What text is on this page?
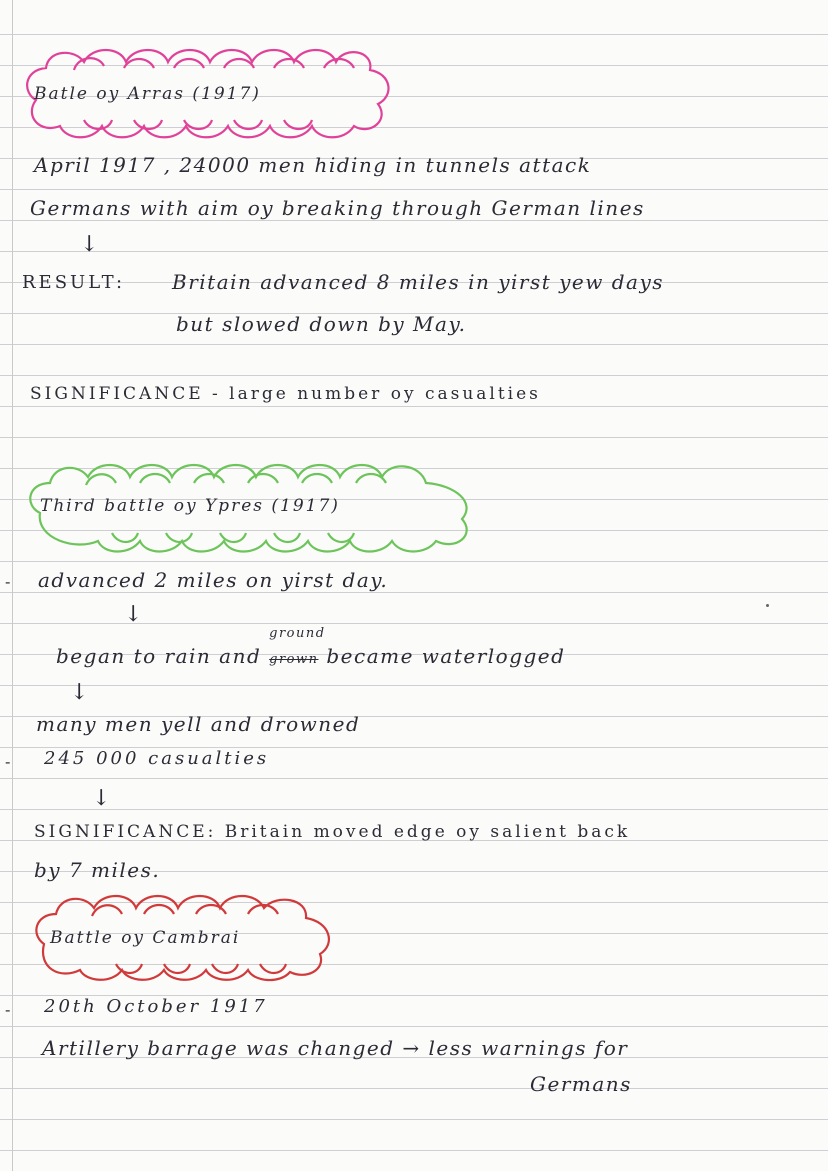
Batle oy Arras (1917)
April 1917 , 24000 men hiding in tunnels attack
Germans with aim oy breaking through German lines
↓
RESULT: Britain advanced 8 miles in yirst yew days
but slowed down by May.
SIGNIFICANCE - large number oy casualties
Third battle oy Ypres (1917)
- advanced 2 miles on yirst day.
↓
began to rain and
ground
grown became waterlogged
↓
many men yell and drowned
- 245 000 casualties
↓
SIGNIFICANCE: Britain moved edge oy salient back
by 7 miles.
Battle oy Cambrai
- 20th October 1917
Artillery barrage was changed → less warnings for
Germans
